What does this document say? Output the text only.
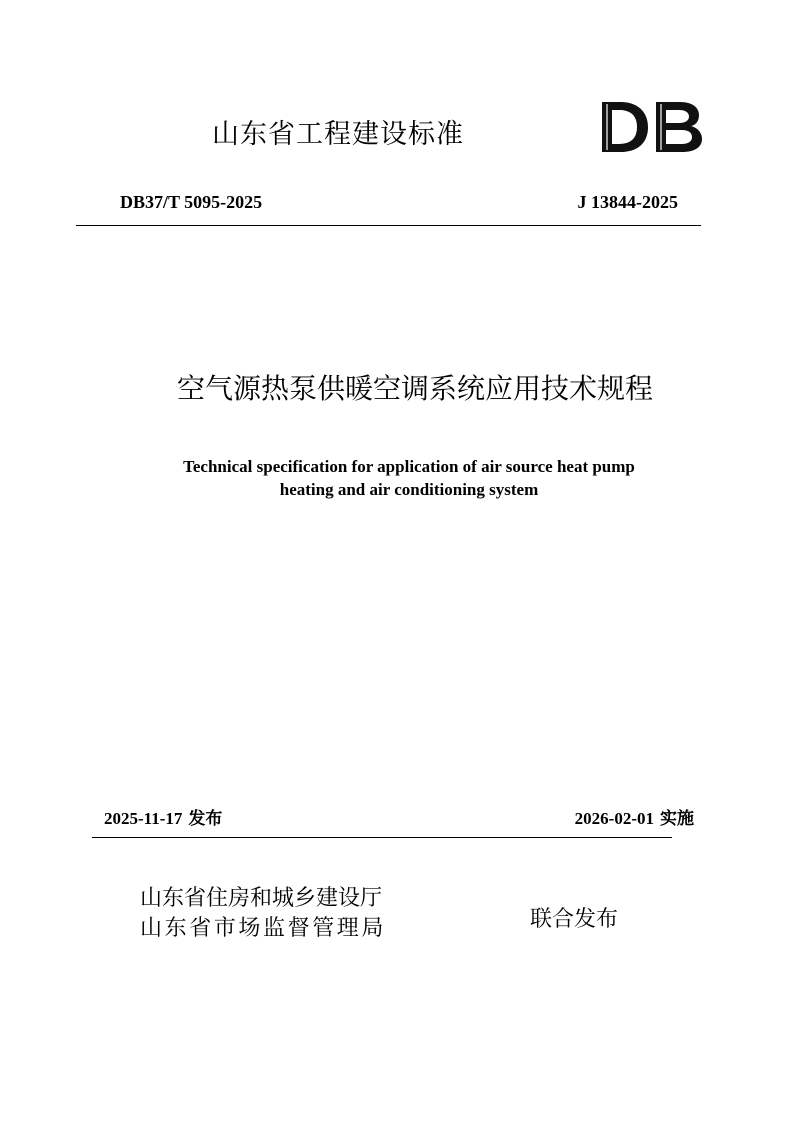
山东省工程建设标准
DB37/T 5095-2025	J 13844-2025
空气源热泵供暖空调系统应用技术规程
Technical specification for application of air source heat pump
heating and air conditioning system
2025-11-17 发布	2026-02-01 实施
山东省住房和城乡建设厅
山东省市场监督管理局	联合发布
